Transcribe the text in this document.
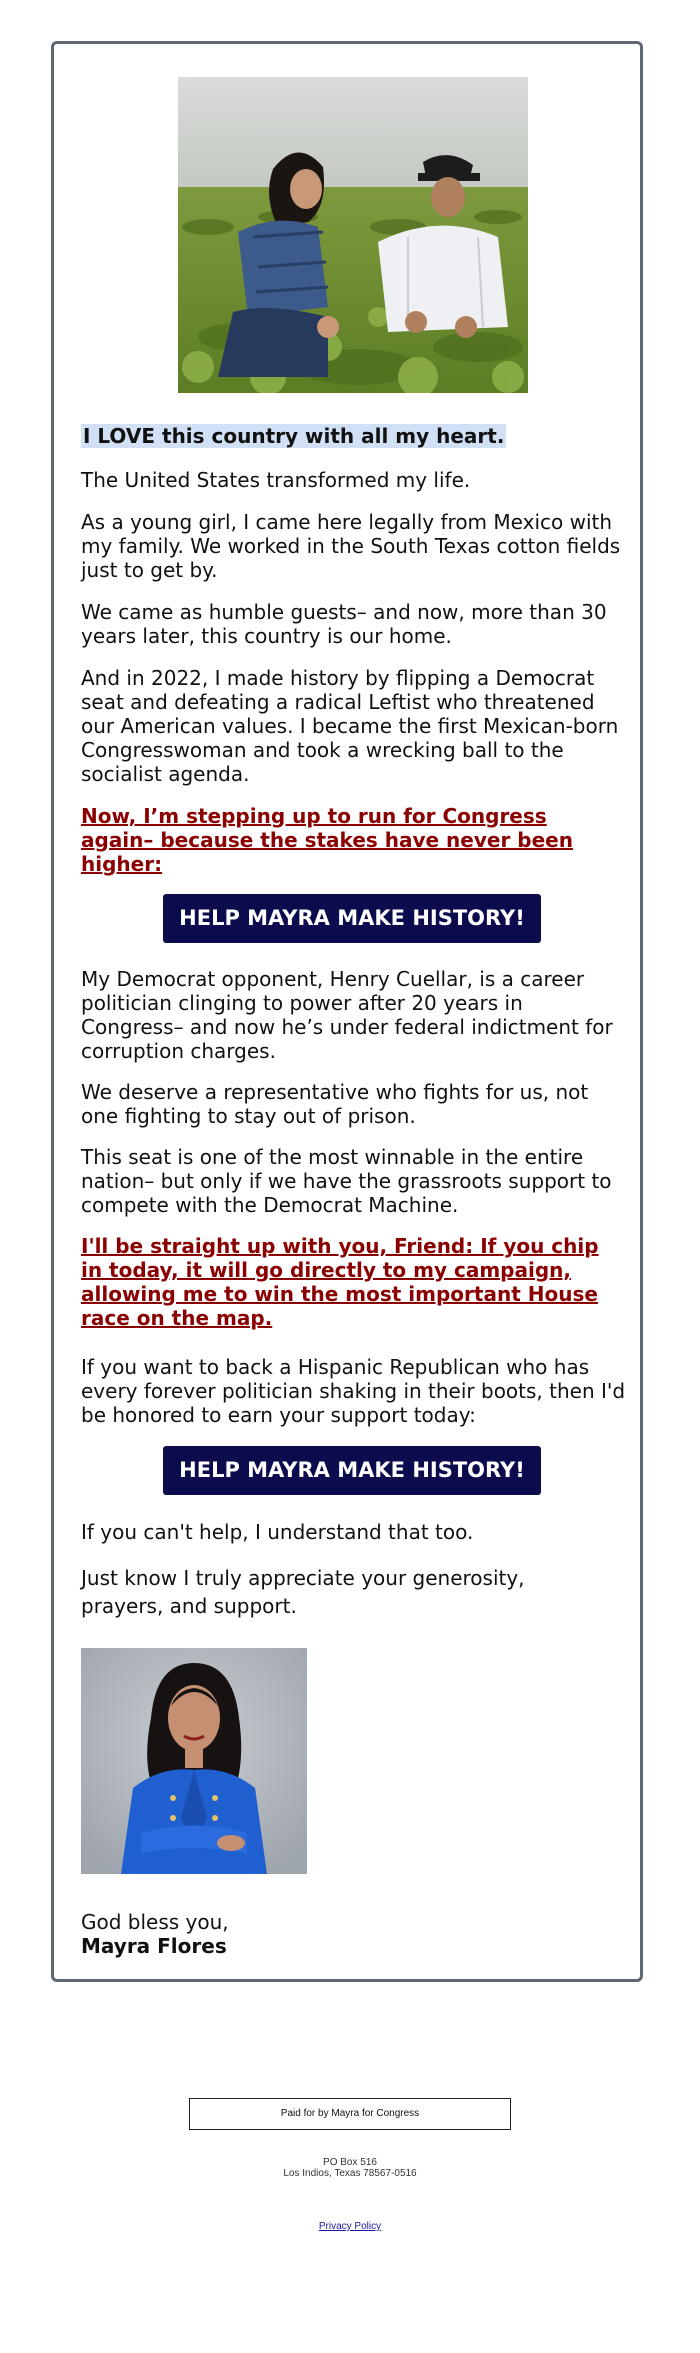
I LOVE this country with all my heart.

The United States transformed my life.

As a young girl, I came here legally from Mexico with my family. We worked in the South Texas cotton fields just to get by.

We came as humble guests– and now, more than 30 years later, this country is our home.

And in 2022, I made history by flipping a Democrat seat and defeating a radical Leftist who threatened our American values. I became the first Mexican-born Congresswoman and took a wrecking ball to the socialist agenda.

Now, I’m stepping up to run for Congress again– because the stakes have never been higher:

HELP MAYRA MAKE HISTORY!

My Democrat opponent, Henry Cuellar, is a career politician clinging to power after 20 years in Congress– and now he’s under federal indictment for corruption charges.

We deserve a representative who fights for us, not one fighting to stay out of prison.

This seat is one of the most winnable in the entire nation– but only if we have the grassroots support to compete with the Democrat Machine.

I'll be straight up with you, Friend: If you chip in today, it will go directly to my campaign, allowing me to win the most important House race on the map.

If you want to back a Hispanic Republican who has every forever politician shaking in their boots, then I'd be honored to earn your support today:

HELP MAYRA MAKE HISTORY!

If you can't help, I understand that too.

Just know I truly appreciate your generosity, prayers, and support.

God bless you,

Mayra Flores

Paid for by Mayra for Congress
PO Box 516
Los Indios, Texas 78567-0516
Privacy Policy
